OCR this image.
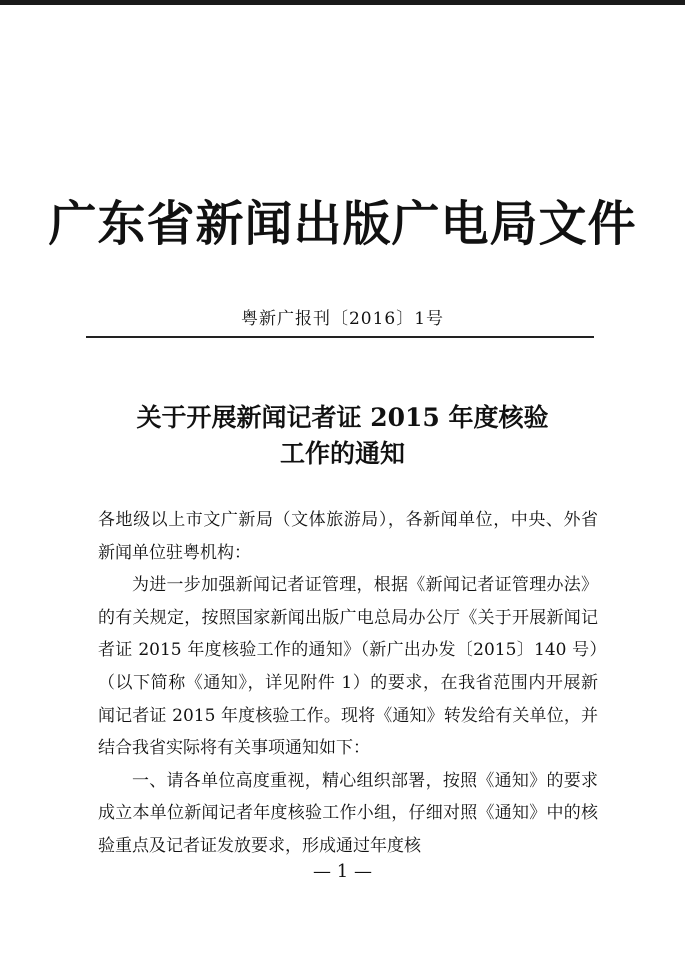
广东省新闻出版广电局文件
粤新广报刊〔2016〕1号
关于开展新闻记者证 2015 年度核验
工作的通知

各地级以上市文广新局（文体旅游局），各新闻单位，中央、外省新闻单位驻粤机构：

为进一步加强新闻记者证管理，根据《新闻记者证管理办法》的有关规定，按照国家新闻出版广电总局办公厅《关于开展新闻记者证 2015 年度核验工作的通知》（新广出办发〔2015〕140 号）（以下简称《通知》，详见附件 1）的要求，在我省范围内开展新闻记者证 2015 年度核验工作。现将《通知》转发给有关单位，并结合我省实际将有关事项通知如下：

一、请各单位高度重视，精心组织部署，按照《通知》的要求成立本单位新闻记者年度核验工作小组，仔细对照《通知》中的核验重点及记者证发放要求，形成通过年度核

— 1 —
